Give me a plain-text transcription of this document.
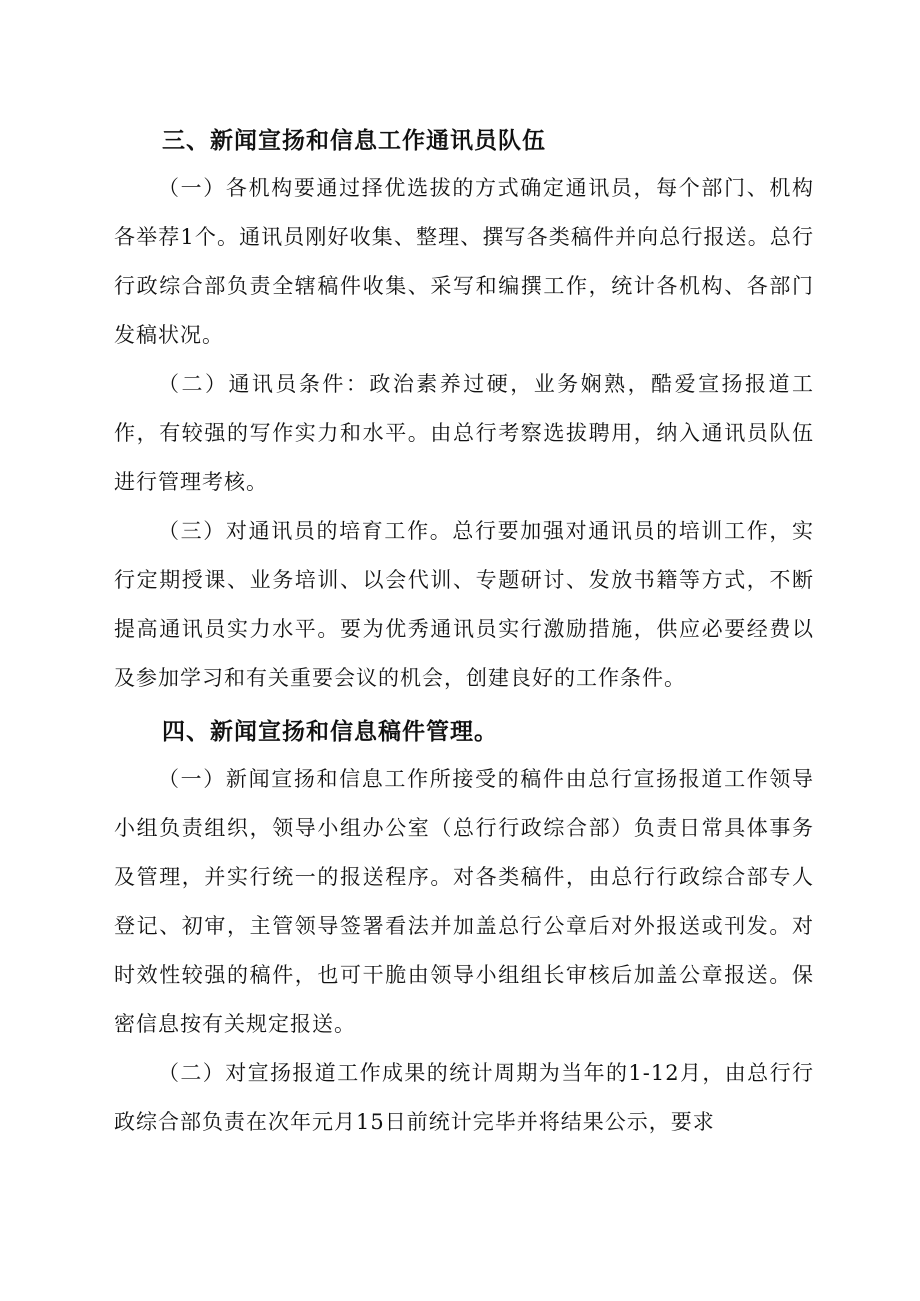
三、新闻宣扬和信息工作通讯员队伍

（一）各机构要通过择优选拔的方式确定通讯员，每个部门、机构各举荐1个。通讯员刚好收集、整理、撰写各类稿件并向总行报送。总行行政综合部负责全辖稿件收集、采写和编撰工作，统计各机构、各部门发稿状况。

（二）通讯员条件：政治素养过硬，业务娴熟，酷爱宣扬报道工作，有较强的写作实力和水平。由总行考察选拔聘用，纳入通讯员队伍进行管理考核。

（三）对通讯员的培育工作。总行要加强对通讯员的培训工作，实行定期授课、业务培训、以会代训、专题研讨、发放书籍等方式，不断提高通讯员实力水平。要为优秀通讯员实行激励措施，供应必要经费以及参加学习和有关重要会议的机会，创建良好的工作条件。

四、新闻宣扬和信息稿件管理。

（一）新闻宣扬和信息工作所接受的稿件由总行宣扬报道工作领导小组负责组织，领导小组办公室（总行行政综合部）负责日常具体事务及管理，并实行统一的报送程序。对各类稿件，由总行行政综合部专人登记、初审，主管领导签署看法并加盖总行公章后对外报送或刊发。对时效性较强的稿件，也可干脆由领导小组组长审核后加盖公章报送。保密信息按有关规定报送。

（二）对宣扬报道工作成果的统计周期为当年的1-12月，由总行行政综合部负责在次年元月15日前统计完毕并将结果公示，要求
